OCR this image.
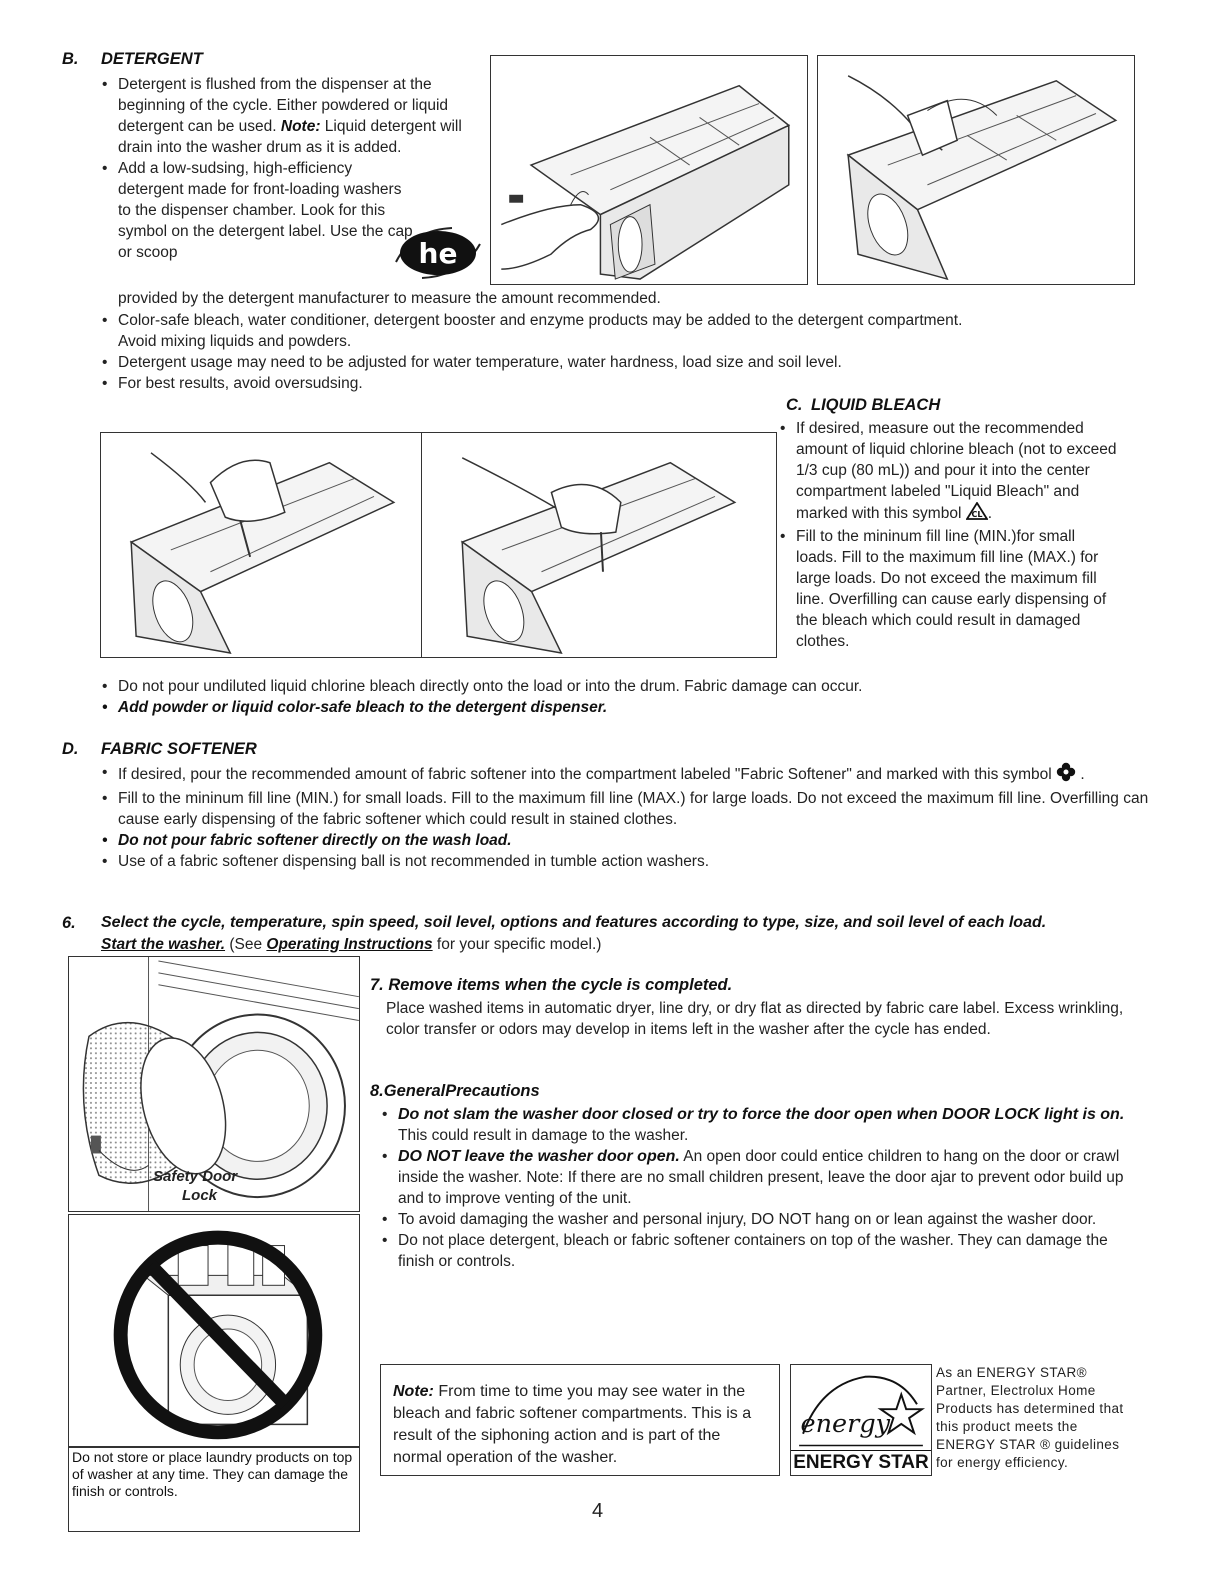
B. DETERGENT
• Detergent is flushed from the dispenser at the beginning of the cycle. Either powdered or liquid detergent can be used. Note: Liquid detergent will drain into the washer drum as it is added.
• Add a low-sudsing, high-efficiency detergent made for front-loading washers to the dispenser chamber. Look for this symbol on the detergent label. Use the cap or scoop	he
provided by the detergent manufacturer to measure the amount recommended.
• Color-safe bleach, water conditioner, detergent booster and enzyme products may be added to the detergent compartment.
Avoid mixing liquids and powders.
• Detergent usage may need to be adjusted for water temperature, water hardness, load size and soil level.
• For best results, avoid oversudsing.
C. LIQUID BLEACH
• If desired, measure out the recommended amount of liquid chlorine bleach (not to exceed 1/3 cup (80 mL)) and pour it into the center compartment labeled "Liquid Bleach" and marked with this symbol CL .
• Fill to the mininum fill line (MIN.)for small loads. Fill to the maximum fill line (MAX.) for large loads. Do not exceed the maximum fill line. Overfilling can cause early dispensing of the bleach which could result in damaged clothes.
• Do not pour undiluted liquid chlorine bleach directly onto the load or into the drum. Fabric damage can occur.
• Add powder or liquid color-safe bleach to the detergent dispenser.
D. FABRIC SOFTENER
• If desired, pour the recommended amount of fabric softener into the compartment labeled "Fabric Softener" and marked with this symbol  .
• Fill to the mininum fill line (MIN.) for small loads. Fill to the maximum fill line (MAX.) for large loads. Do not exceed the maximum fill line. Overfilling can cause early dispensing of the fabric softener which could result in stained clothes.
• Do not pour fabric softener directly on the wash load.
• Use of a fabric softener dispensing ball is not recommended in tumble action washers.
6. Select the cycle, temperature, spin speed, soil level, options and features according to type, size, and soil level of each load.
Start the washer. (See Operating Instructions for your specific model.)
Safety Door
Lock
Do not store or place laundry products on top of washer at any time. They can damage the finish or controls.
7. Remove items when the cycle is completed.
Place washed items in automatic dryer, line dry, or dry flat as directed by fabric care label. Excess wrinkling, color transfer or odors may develop in items left in the washer after the cycle has ended.
8.GeneralPrecautions
• Do not slam the washer door closed or try to force the door open when DOOR LOCK light is on. This could result in damage to the washer.
• DO NOT leave the washer door open. An open door could entice children to hang on the door or crawl inside the washer. Note: If there are no small children present, leave the door ajar to prevent odor build up and to improve venting of the unit.
• To avoid damaging the washer and personal injury, DO NOT hang on or lean against the washer door.
• Do not place detergent, bleach or fabric softener containers on top of the washer. They can damage the finish or controls.
Note: From time to time you may see water in the bleach and fabric softener compartments. This is a result of the siphoning action and is part of the normal operation of the washer.
energy
ENERGY STAR
As an ENERGY STAR® Partner, Electrolux Home Products has determined that this product meets the ENERGY STAR ® guidelines for energy efficiency.
4
